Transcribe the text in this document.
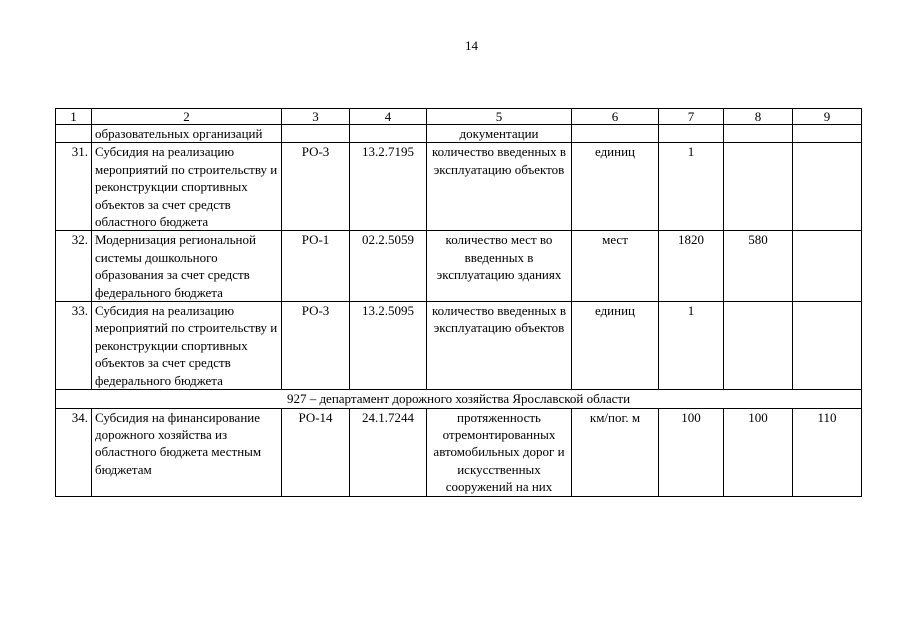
14
1	2	3	4	5	6	7	8	9
	образовательных организаций			документации				
31.	Субсидия на реализацию мероприятий по строительству и реконструкции спортивных объектов за счет средств областного бюджета	РО-3	13.2.7195	количество введенных в эксплуатацию объектов	единиц	1		
32.	Модернизация региональной системы дошкольного образования за счет средств федерального бюджета	РО-1	02.2.5059	количество мест во введенных в эксплуатацию зданиях	мест	1820	580	
33.	Субсидия на реализацию мероприятий по строительству и реконструкции спортивных объектов за счет средств федерального бюджета	РО-3	13.2.5095	количество введенных в эксплуатацию объектов	единиц	1		
927 – департамент дорожного хозяйства Ярославской области								
34.	Субсидия на финансирование дорожного хозяйства из областного бюджета местным бюджетам	РО-14	24.1.7244	протяженность отремонтированных автомобильных дорог и искусственных сооружений на них	км/пог. м	100	100	110
